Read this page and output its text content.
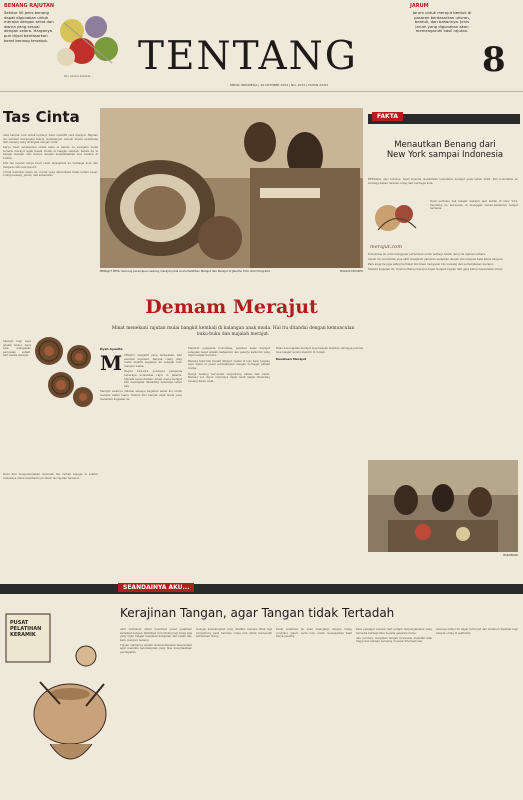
BENANG RAJUTAN
Sekitar 50 jenis benang dapat digunakan untuk merajut dengan serat dan warna yang sesuai dengan selera. Harganya pun dijual berdasarkan berat benang tersebut.
RC | Aksara Sahabat TENTANG
MEDIA INDONESIA | 29 OKTOBER 2009 | NO. 1033 | TAHUN XXXIX
JARUM
Jarum untuk merajut bentuk di pasaran berdasarkan ukuran, bentuk, dan bahannya. Jenis jarum yang digunakan akan memengaruhi hasil rajutan.
8
Tas Cinta

ADA banyak cara untuk berbagi. Dewi memilih cara merajut. Rajutan tas sembari merangkai mimpi membangun sebuah kreasi sederhana dari benang yang dirangkai dengan cinta.

Karya Dewi sebenarnya sudah lama ia tekuni. Ia mengaku mulai tertarik merajut sejak masih duduk di bangku sekolah. Ketika itu ia belajar merajut dari ibunya dengan memanfaatkan sisa benang di rumah.

Kini tas rajutan karya Dewi telah dipasarkan ke berbagai kota dan menjadi oleh-oleh favorit.

Untuk memulai usaha ini, modal yang dibutuhkan tidak terlalu besar. Cukup benang, jarum, dan ketekunan.

Merajut bagi saya adalah terapi. Saya bisa melupakan persoalan sehari-hari ketika merajut.

Dewi kini mempekerjakan sejumlah ibu rumah tangga di sekitar rumahnya untuk membantu produksi tas rajutan tersebut.

MERAJUT PIPIS: Seorang perempuan sedang merajut pada acara Pelatihan Merajut dan Merajut di Jakarta. Foto oleh fotografer.	MI/AGUS TRIYANTO
Demam Merajut
Minat menekuni rajutan mulai bangkit kembali di kalangan anak muda. Hal itu ditandai dengan kemunculan buku-buku dan majalah merajut.
Dyah Ayunita
M ERAJUT, menjahit yang terlupakan, kini kembali digemari. Banyak orang yang mulai melirik kegiatan ini sebagai hobi maupun usaha.
Begitu kira-kira pendapat pengelola beberapa komunitas rajut di Jakarta. Mereka menyebutkan, minat orang merajut kini meningkat dibanding beberapa tahun lalu.
Merajut awalnya dikenal sebagai kegiatan kaum ibu untuk mengisi waktu luang. Namun kini banyak anak muda yang menekuni kegiatan ini.
Menurut pengelola komunitas, peminat kelas merajut sebagian besar adalah mahasiswi dan pekerja kantoran yang ingin belajar hal baru.
Benang rajut kini mudah didapat. Selain di toko kain, benang juga dijual di pusat perbelanjaan dengan berbagai pilihan warna.
Harga benang bervariasi tergantung bahan dan berat. Benang wol impor umumnya dijual lebih mahal dibanding benang katun lokal.
Buku dan majalah merajut juga banyak beredar, sehingga pemula bisa belajar secara mandiri di rumah.
Kesatuan Merajut
FAKTA
Menautkan Benang dari New York sampai Indonesia
BERAWAL dari hobinya, Dyah Dyanita mendirikan komunitas merajut pada tahun 2006. Kini komunitas ini beranggotakan ratusan orang dari berbagai kota.
merajut.com
Dyah pertama kali belajar merajut saat kuliah di New York. Sepulang ke Indonesia, ia mengajak teman-temannya belajar bersama.

Komunitas ini rutin menggelar pertemuan untuk berbagi teknik dan pola rajutan terbaru.

Selain itu, komunitas juga aktif mengikuti pameran kerajinan tangan dan menjual hasil karya anggota.

Para anggota juga saling bertukar informasi mengenai toko benang dan perlengkapan merajut.

Melalui kegiatan ini, Dyah berharap merajut dapat menjadi bagian dari gaya hidup masyarakat urban.

MI/RAMDANI
SEANDAINYA AKU...
Kerajinan Tangan, agar Tangan tidak Tertadah
PUSAT PELATIHAN KERAMIK

AKU bermimpi untuk membuat pusat pelatihan kerajinan tangan. Pelatihan ini terbuka bagi siapa saja yang ingin belajar membuat kerajinan dari tanah liat, kain, maupun benang.

Tujuan utamanya adalah memberdayakan masyarakat agar memiliki keterampilan yang bisa menghasilkan pendapatan.

Dengan keterampilan yang dimiliki, mereka tidak lagi bergantung pada bantuan orang lain untuk memenuhi kebutuhan hidup.

Pusat pelatihan ini akan dilengkapi dengan ruang produksi, galeri, serta toko untuk memasarkan hasil karya peserta.

Para pengajar berasal dari perajin berpengalaman yang bersedia berbagi ilmu kepada generasi muda.

Aku percaya, kerajinan tangan Indonesia memiliki nilai tinggi dan mampu bersaing di pasar internasional.

Semoga mimpi ini dapat terwujud dan memberi manfaat bagi banyak orang di sekitarku.
